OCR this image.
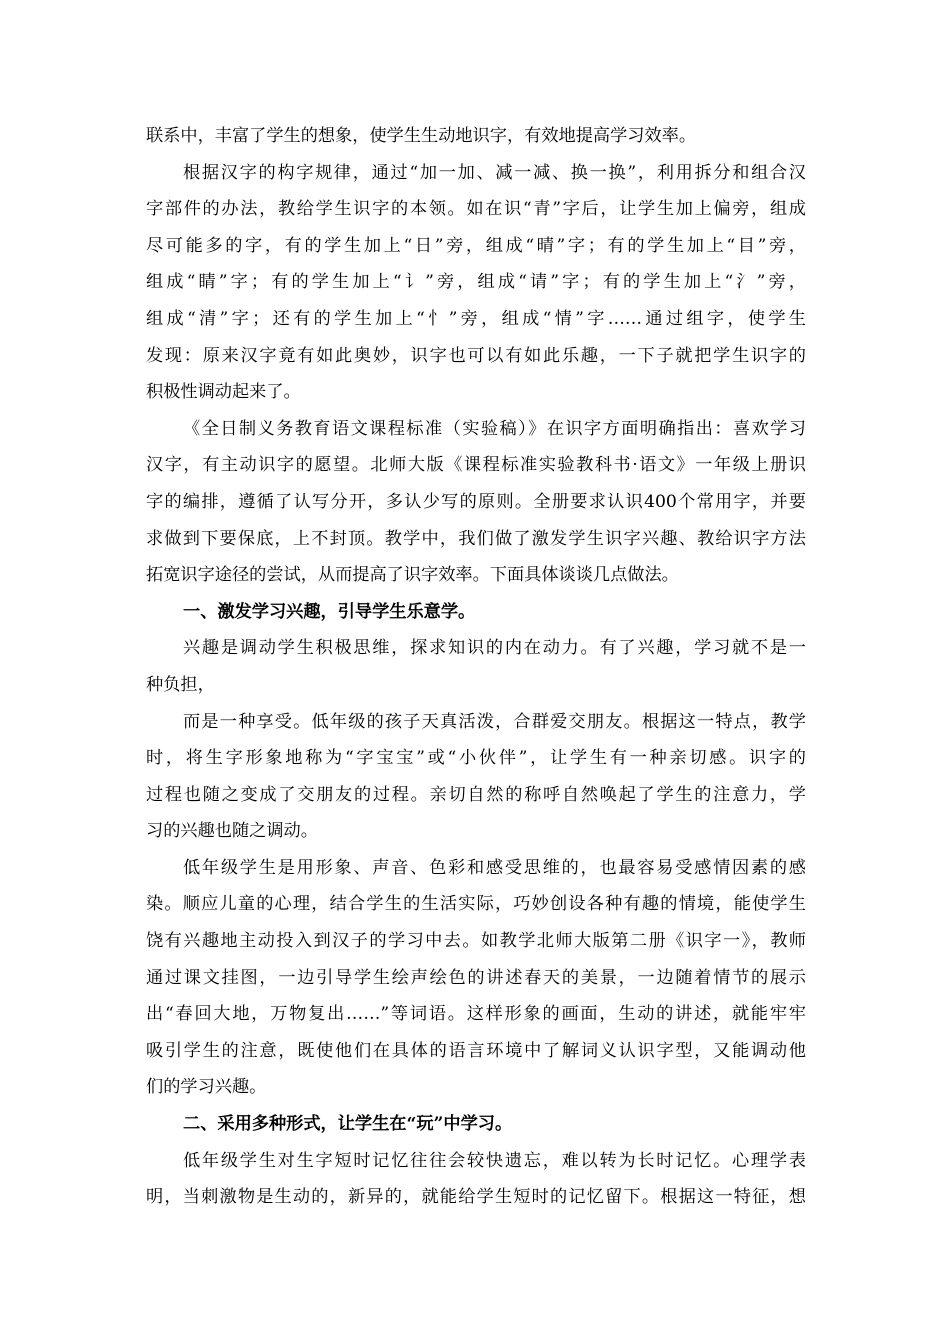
联系中，丰富了学生的想象，使学生生动地识字，有效地提高学习效率。
根据汉字的构字规律，通过“加一加、减一减、换一换”，利用拆分和组合汉
字部件的办法，教给学生识字的本领。如在识“青”字后，让学生加上偏旁，组成
尽可能多的字，有的学生加上“日”旁，组成“晴”字；有的学生加上“目”旁，
组成“睛”字；有的学生加上“讠”旁，组成“请”字；有的学生加上“氵”旁，
组成“清”字；还有的学生加上“忄”旁，组成“情”字……通过组字，使学生
发现：原来汉字竟有如此奥妙，识字也可以有如此乐趣，一下子就把学生识字的
积极性调动起来了。
《全日制义务教育语文课程标准（实验稿）》在识字方面明确指出：喜欢学习
汉字，有主动识字的愿望。北师大版《课程标准实验教科书·语文》一年级上册识
字的编排，遵循了认写分开，多认少写的原则。全册要求认识400个常用字，并要
求做到下要保底，上不封顶。教学中，我们做了激发学生识字兴趣、教给识字方法
拓宽识字途径的尝试，从而提高了识字效率。下面具体谈谈几点做法。
一、激发学习兴趣，引导学生乐意学。
兴趣是调动学生积极思维，探求知识的内在动力。有了兴趣，学习就不是一
种负担，
而是一种享受。低年级的孩子天真活泼，合群爱交朋友。根据这一特点，教学
时，将生字形象地称为“字宝宝”或“小伙伴”，让学生有一种亲切感。识字的
过程也随之变成了交朋友的过程。亲切自然的称呼自然唤起了学生的注意力，学
习的兴趣也随之调动。
低年级学生是用形象、声音、色彩和感受思维的，也最容易受感情因素的感
染。顺应儿童的心理，结合学生的生活实际，巧妙创设各种有趣的情境，能使学生
饶有兴趣地主动投入到汉子的学习中去。如教学北师大版第二册《识字一》，教师
通过课文挂图，一边引导学生绘声绘色的讲述春天的美景，一边随着情节的展示
出“春回大地，万物复出……”等词语。这样形象的画面，生动的讲述，就能牢牢
吸引学生的注意，既使他们在具体的语言环境中了解词义认识字型，又能调动他
们的学习兴趣。
二、采用多种形式，让学生在“玩”中学习。
低年级学生对生字短时记忆往往会较快遗忘，难以转为长时记忆。心理学表
明，当刺激物是生动的，新异的，就能给学生短时的记忆留下。根据这一特征，想
